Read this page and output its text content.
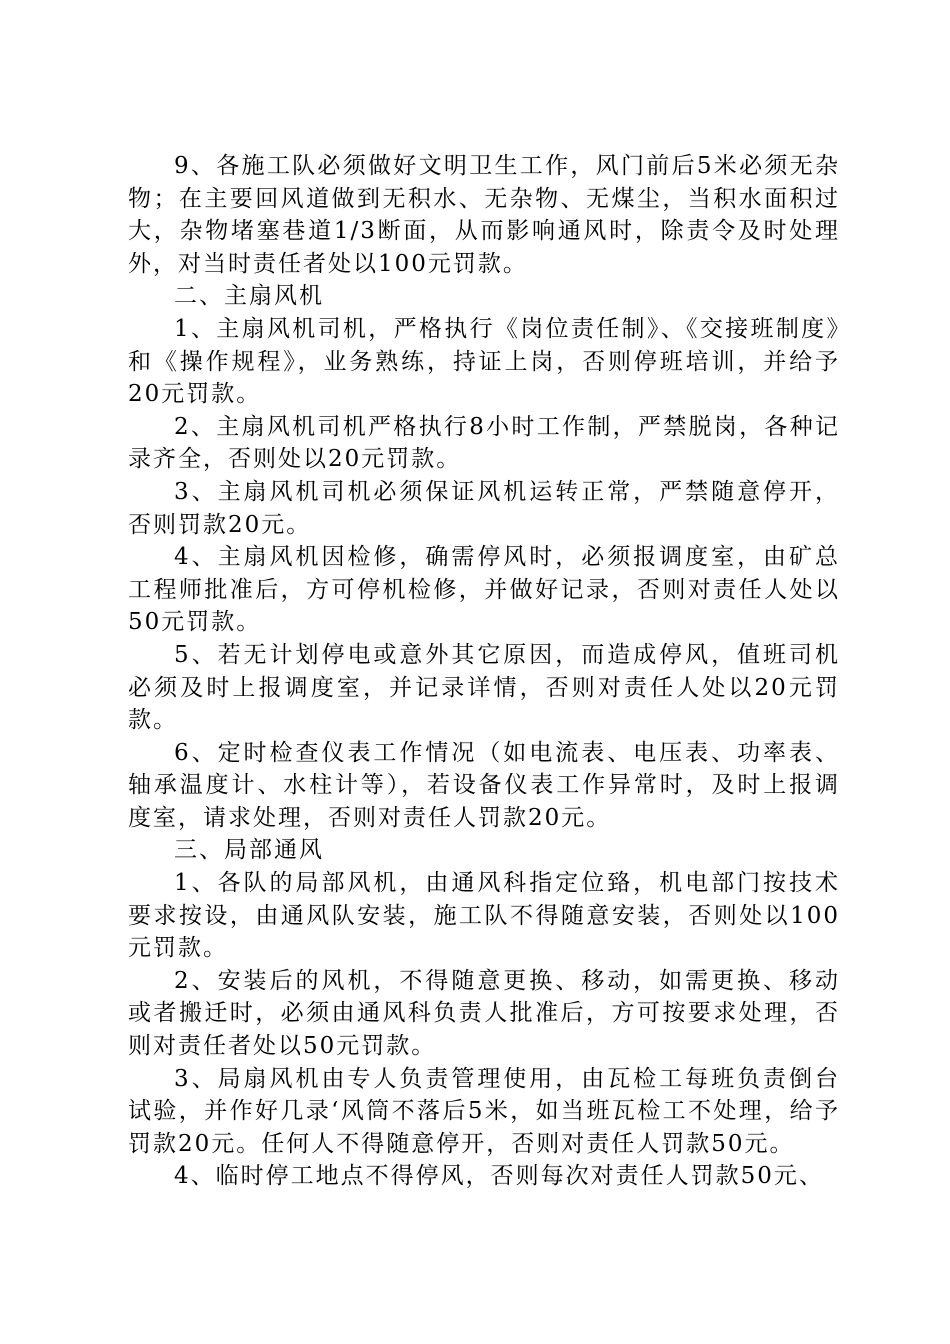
9、各施工队必须做好文明卫生工作，风门前后5米必须无杂物；在主要回风道做到无积水、无杂物、无煤尘，当积水面积过大，杂物堵塞巷道1/3断面，从而影响通风时，除责令及时处理外，对当时责任者处以100元罚款。

二、主扇风机

1、主扇风机司机，严格执行《岗位责任制》、《交接班制度》和《操作规程》，业务熟练，持证上岗，否则停班培训，并给予20元罚款。

2、主扇风机司机严格执行8小时工作制，严禁脱岗，各种记录齐全，否则处以20元罚款。

3、主扇风机司机必须保证风机运转正常，严禁随意停开，否则罚款20元。

4、主扇风机因检修，确需停风时，必须报调度室，由矿总工程师批准后，方可停机检修，并做好记录，否则对责任人处以50元罚款。

5、若无计划停电或意外其它原因，而造成停风，值班司机必须及时上报调度室，并记录详情，否则对责任人处以20元罚款。

6、定时检查仪表工作情况（如电流表、电压表、功率表、轴承温度计、水柱计等），若设备仪表工作异常时，及时上报调度室，请求处理，否则对责任人罚款20元。

三、局部通风

1、各队的局部风机，由通风科指定位臵，机电部门按技术要求按设，由通风队安装，施工队不得随意安装，否则处以100元罚款。

2、安装后的风机，不得随意更换、移动，如需更换、移动或者搬迁时，必须由通风科负责人批准后，方可按要求处理，否则对责任者处以50元罚款。

3、局扇风机由专人负责管理使用，由瓦检工每班负责倒台试验，并作好几录‘风筒不落后5米，如当班瓦检工不处理，给予罚款20元。任何人不得随意停开，否则对责任人罚款50元。

4、临时停工地点不得停风，否则每次对责任人罚款50元、
